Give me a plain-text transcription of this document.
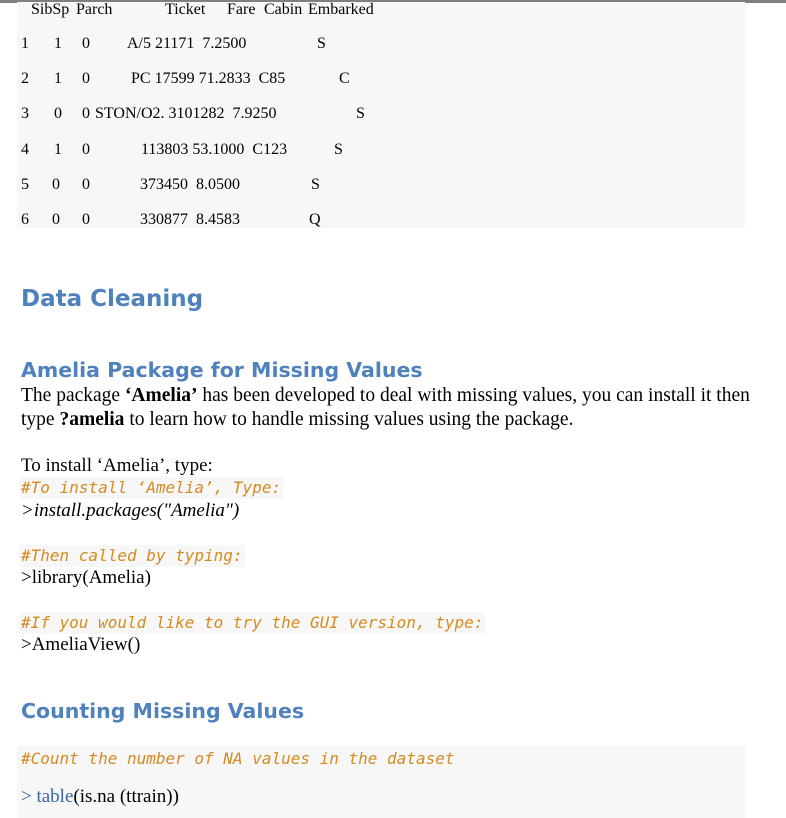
SibSp Parch	Ticket Fare Cabin Embarked
1 1 0 A/5 21171  7.2500	S
2 1 0	PC 17599 71.2833  C85	C
3 0 0 STON/O2. 3101282  7.9250	S
4 1 0	113803 53.1000  C123	S
5 0 0	373450  8.0500	S
6 0 0	330877  8.4583	Q
Data Cleaning
Amelia Package for Missing Values
The package ‘Amelia’ has been developed to deal with missing values, you can install it then type ?amelia to learn how to handle missing values using the package.
To install ‘Amelia’, type:
#To install ‘Amelia’, Type:
>install.packages("Amelia")
#Then called by typing:
>library(Amelia)
#If you would like to try the GUI version, type:
>AmeliaView()
Counting Missing Values
#Count the number of NA values in the dataset
> table(is.na (ttrain))
